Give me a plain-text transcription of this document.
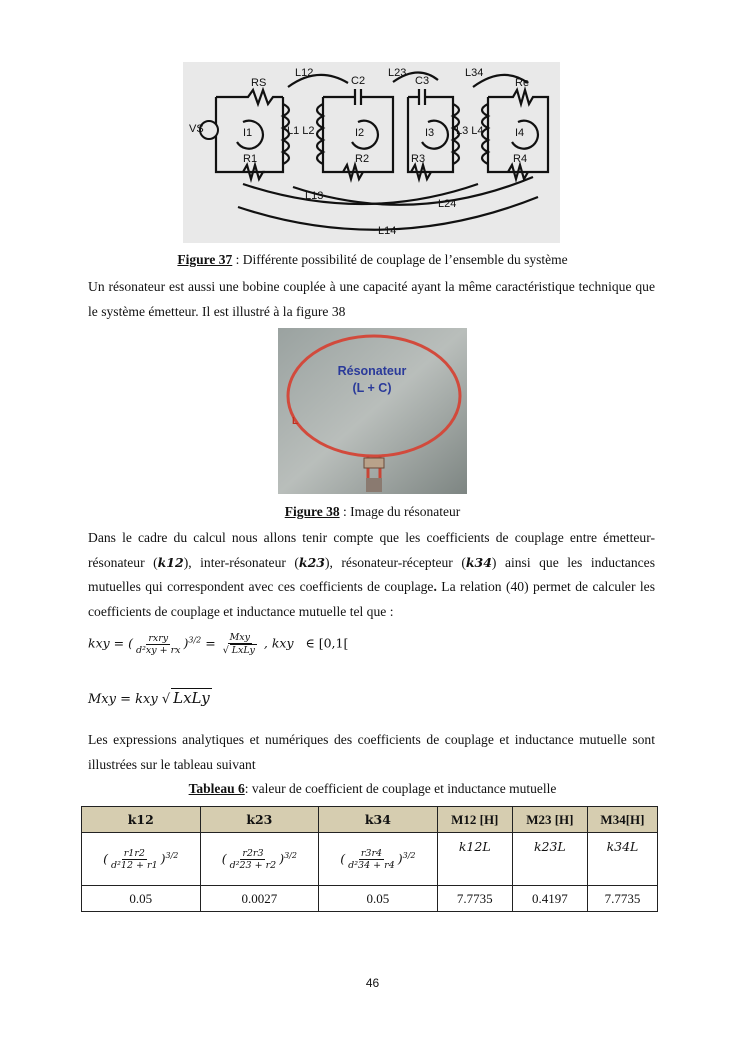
VS
RS
L12
C2
L23
C3
L34
Re
I1
R1
L1 L2	I2
R2	R3
I3 L3 L4	I4
R4
L13
L24
L14
Figure 37 : Différente possibilité de couplage de l’ensemble du système
Un résonateur est aussi une bobine couplée à une capacité ayant la même caractéristique technique que le système émetteur. Il est illustré à la figure 38
L
Résonateur
(L + C)
Figure 38 : Image du résonateur
Dans le cadre du calcul nous allons tenir compte que les coefficients de couplage entre émetteur-résonateur (k12), inter-résonateur (k23), résonateur-récepteur (k34) ainsi que les inductances mutuelles qui correspondent avec ces coefficients de couplage. La relation (40) permet de calculer les coefficients de couplage et inductance mutuelle tel que :
kxy = ( $\frac{\text{rxry}}{\text{d²xy + rx}} )^{3/2} = \frac{\text{Mxy}}{\text{√ LxLy}}$ , kxy ∈ [0,1[
Mxy = kxy √ LxLy
Les expressions analytiques et numériques des coefficients de couplage et inductance mutuelle sont illustrées sur le tableau suivant
Tableau 6: valeur de coefficient de couplage et inductance mutuelle
k12	k23	k34	M12 [H]	M23 [H]	M34[H]
( $\frac{r1r2}{\text{d²12 + r1}} )^{3/2}$	( $\frac{r2r3}{\text{d²23 + r2}} )^{3/2}$	( $\frac{r3r4}{\text{d²34 + r4}} )^{3/2}$	k12L	k23L	k34L
0.05	0.0027	0.05	7.7735	0.4197	7.7735
46
